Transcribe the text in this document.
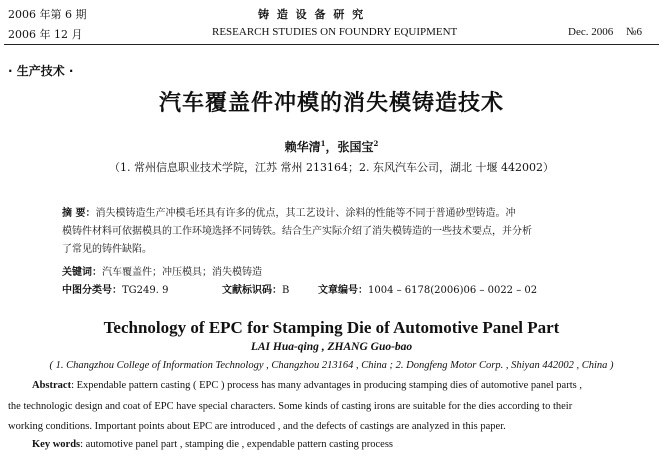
2006 年第 6 期
2006 年 12 月
铸 造 设 备 研 究
RESEARCH STUDIES ON FOUNDRY EQUIPMENT	Dec. 2006 №6
· 生产技术 ·
汽车覆盖件冲模的消失模铸造技术
赖华清$^1$，张国宝$^2$
（1. 常州信息职业技术学院，江苏 常州 213164；2. 东风汽车公司，湖北 十堰 442002）
摘 要：消失模铸造生产冲模毛坯具有许多的优点，其工艺设计、涂料的性能等不同于普通砂型铸造。冲
模铸件材料可依据模具的工作环境选择不同铸铁。结合生产实际介绍了消失模铸造的一些技术要点，并分析
了常见的铸件缺陷。
关键词：汽车覆盖件；冲压模具；消失模铸造
中图分类号：TG249. 9	文献标识码：B	文章编号：1004 – 6178(2006)06 – 0022 – 02
Technology of EPC for Stamping Die of Automotive Panel Part
LAI Hua-qing , ZHANG Guo-bao
( 1. Changzhou College of Information Technology , Changzhou 213164 , China ; 2. Dongfeng Motor Corp. , Shiyan 442002 , China )
Abstract: Expendable pattern casting ( EPC ) process has many advantages in producing stamping dies of automotive panel parts ,
the technologic design and coat of EPC have special characters. Some kinds of casting irons are suitable for the dies according to their
working conditions. Important points about EPC are introduced , and the defects of castings are analyzed in this paper.
Key words: automotive panel part , stamping die , expendable pattern casting process
